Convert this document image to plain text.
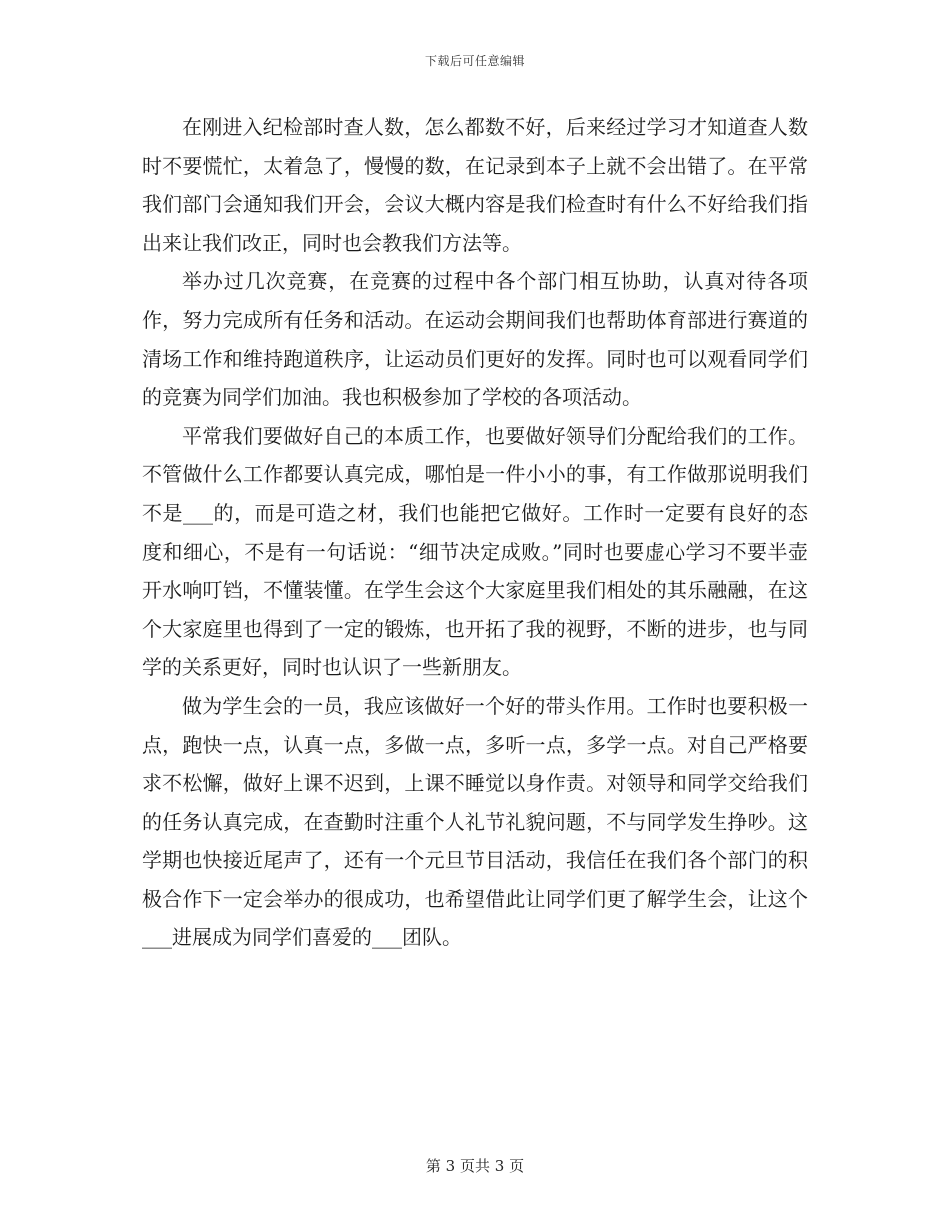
下载后可任意编辑

在刚进入纪检部时查人数，怎么都数不好，后来经过学习才知道查人数时不要慌忙，太着急了，慢慢的数，在记录到本子上就不会出错了。在平常我们部门会通知我们开会，会议大概内容是我们检查时有什么不好给我们指出来让我们改正，同时也会教我们方法等。

举办过几次竞赛，在竞赛的过程中各个部门相互协助，认真对待各项作，努力完成所有任务和活动。在运动会期间我们也帮助体育部进行赛道的清场工作和维持跑道秩序，让运动员们更好的发挥。同时也可以观看同学们的竞赛为同学们加油。我也积极参加了学校的各项活动。

平常我们要做好自己的本质工作，也要做好领导们分配给我们的工作。不管做什么工作都要认真完成，哪怕是一件小小的事，有工作做那说明我们不是___的，而是可造之材，我们也能把它做好。工作时一定要有良好的态度和细心，不是有一句话说：“细节决定成败。”同时也要虚心学习不要半壶开水响叮铛，不懂装懂。在学生会这个大家庭里我们相处的其乐融融，在这个大家庭里也得到了一定的锻炼，也开拓了我的视野，不断的进步，也与同学的关系更好，同时也认识了一些新朋友。

做为学生会的一员，我应该做好一个好的带头作用。工作时也要积极一点，跑快一点，认真一点，多做一点，多听一点，多学一点。对自己严格要求不松懈，做好上课不迟到，上课不睡觉以身作责。对领导和同学交给我们的任务认真完成，在查勤时注重个人礼节礼貌问题，不与同学发生挣吵。这学期也快接近尾声了，还有一个元旦节目活动，我信任在我们各个部门的积极合作下一定会举办的很成功，也希望借此让同学们更了解学生会，让这个___进展成为同学们喜爱的___团队。

第 3 页共 3 页
